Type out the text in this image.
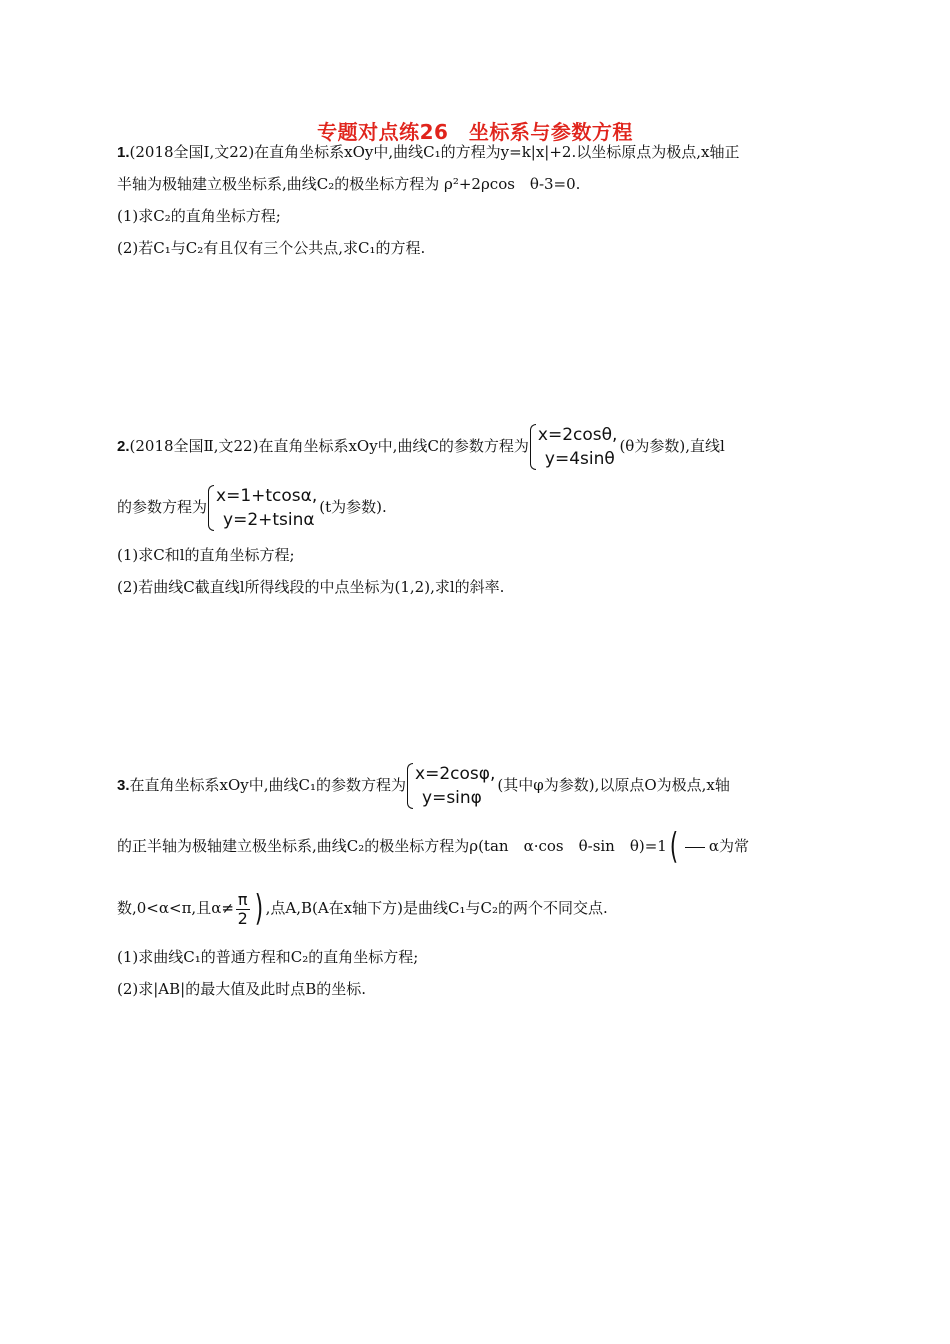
专题对点练26　坐标系与参数方程
1.(2018全国Ⅰ,文22)在直角坐标系xOy中,曲线C₁的方程为y=k|x|+2.以坐标原点为极点,x轴正
半轴为极轴建立极坐标系,曲线C₂的极坐标方程为 ρ²+2ρcos　θ-3=0.
(1)求C₂的直角坐标方程;
(2)若C₁与C₂有且仅有三个公共点,求C₁的方程.
2.(2018全国Ⅱ,文22)在直角坐标系xOy中,曲线C的参数方程为
x=2cosθ,
y=4sinθ
(θ为参数),直线l
的参数方程为
x=1+tcosα,
y=2+tsinα
(t为参数).
(1)求C和l的直角坐标方程;
(2)若曲线C截直线l所得线段的中点坐标为(1,2),求l的斜率.
3.在直角坐标系xOy中,曲线C₁的参数方程为
x=2cosφ,
y=sinφ
(其中φ为参数),以原点O为极点,x轴
的正半轴为极轴建立极坐标系,曲线C₂的极坐标方程为ρ(tan　α·cos　θ-sin　θ)=1( α为常
数,0<α<π,且$\alpha\ne \frac{\pi}{2}$ ) ,点A,B(A在x轴下方)是曲线C₁与C₂的两个不同交点.
(1)求曲线C₁的普通方程和C₂的直角坐标方程;
(2)求|AB|的最大值及此时点B的坐标.
